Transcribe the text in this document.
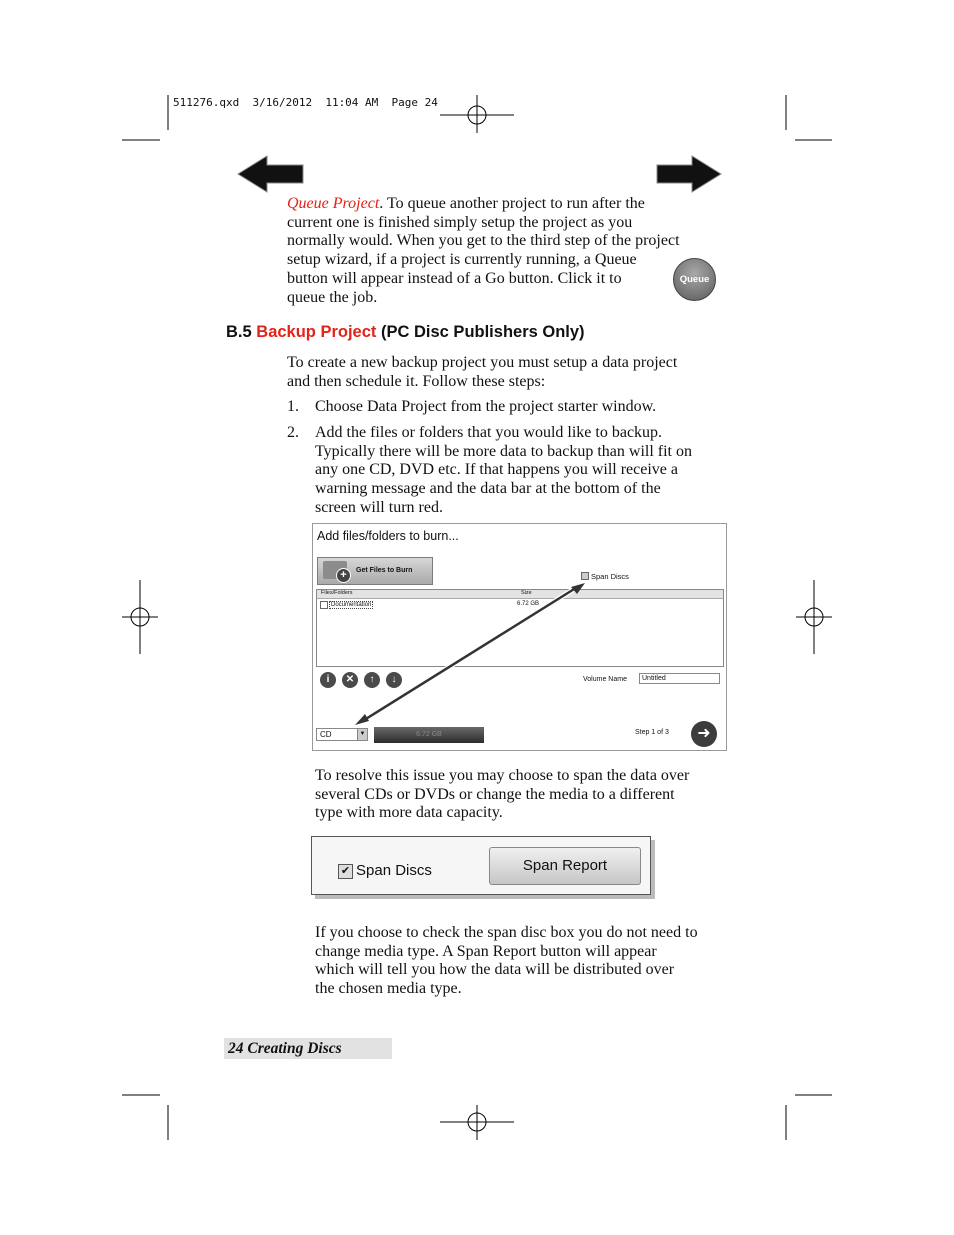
511276.qxd  3/16/2012  11:04 AM  Page 24
Queue Project. To queue another project to run after the
current one is finished simply setup the project as you
normally would. When you get to the third step of the project
setup wizard, if a project is currently running, a Queue
button will appear instead of a Go button. Click it to
queue the job.
Queue
B.5 Backup Project (PC Disc Publishers Only)
To create a new backup project you must setup a data project
and then schedule it. Follow these steps:
1. Choose Data Project from the project starter window.
2. Add the files or folders that you would like to backup.
Typically there will be more data to backup than will fit on
any one CD, DVD etc. If that happens you will receive a
warning message and the data bar at the bottom of the
screen will turn red.
Add files/folders to burn...
+	Get Files to Burn
Span Discs
Files/Folders	Size
Documentation	6.72 GB
i	✕	↑	↓	Volume Name	Untitled
CD	▼	6.72 GB	Step 1 of 3	➜
To resolve this issue you may choose to span the data over
several CDs or DVDs or change the media to a different
type with more data capacity.
✔ Span Discs	Span Report
If you choose to check the span disc box you do not need to
change media type. A Span Report button will appear
which will tell you how the data will be distributed over
the chosen media type.
24 Creating Discs
